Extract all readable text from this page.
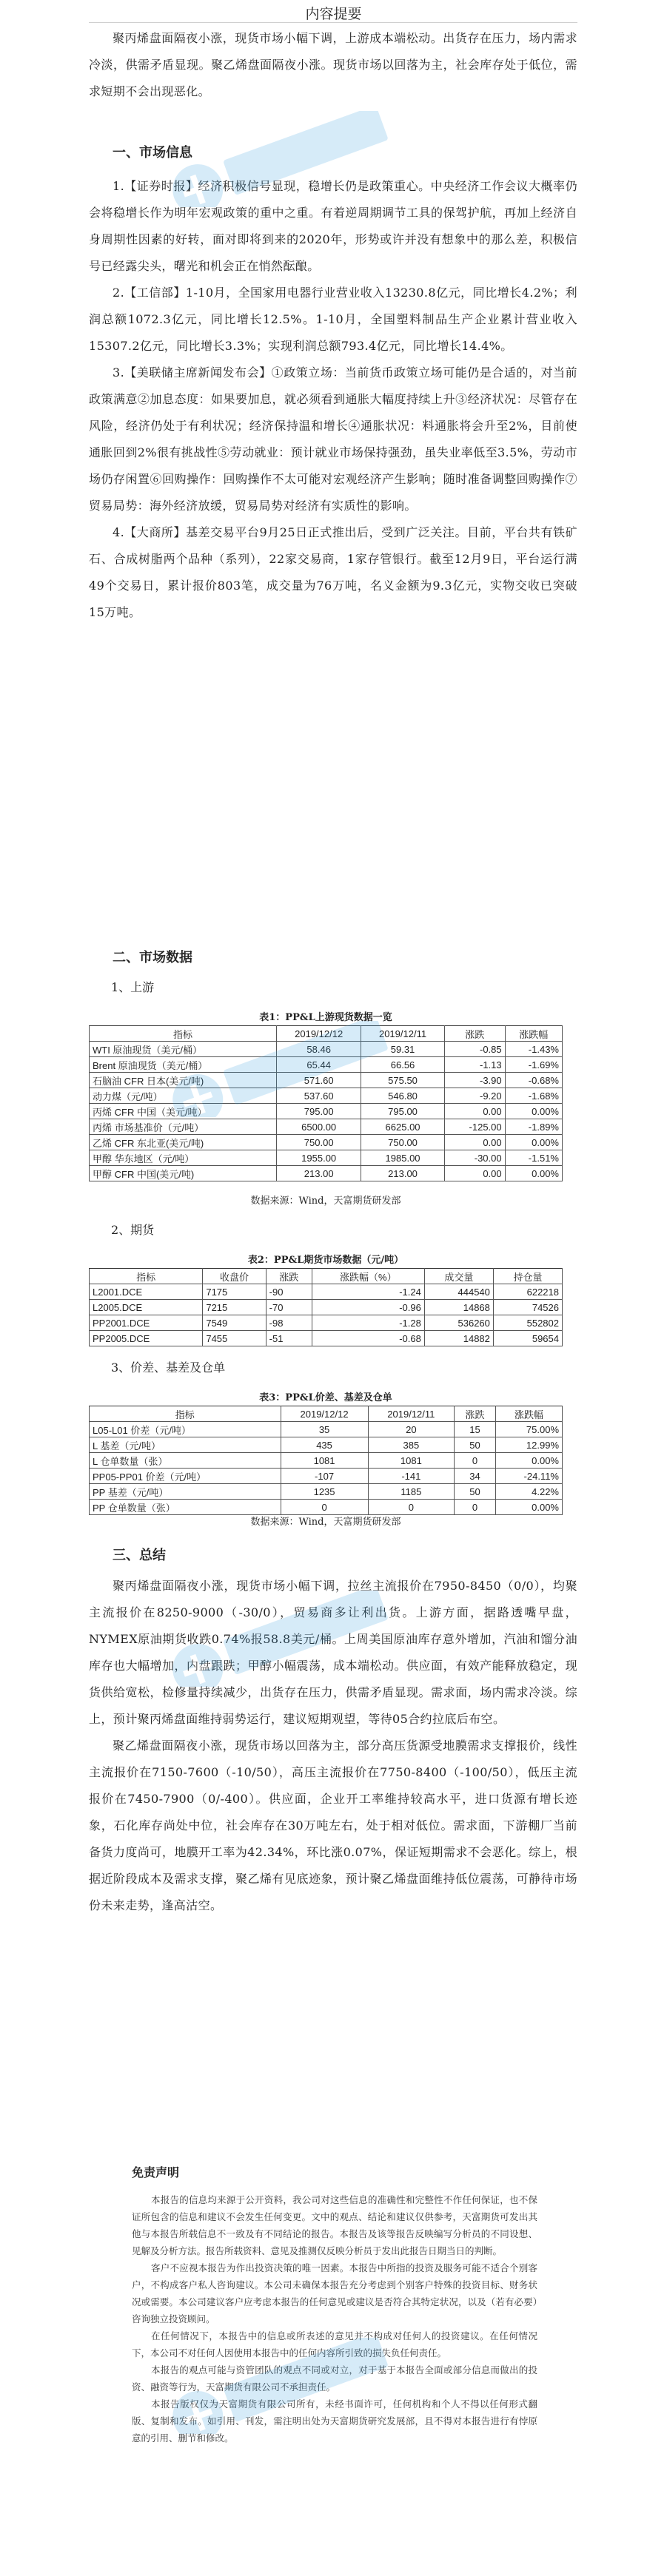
内容提要

聚丙烯盘面隔夜小涨，现货市场小幅下调，上游成本端松动。出货存在压力，场内需求冷淡，供需矛盾显现。聚乙烯盘面隔夜小涨。现货市场以回落为主，社会库存处于低位，需求短期不会出现恶化。

一、市场信息

1.【证券时报】经济积极信号显现，稳增长仍是政策重心。中央经济工作会议大概率仍会将稳增长作为明年宏观政策的重中之重。有着逆周期调节工具的保驾护航，再加上经济自身周期性因素的好转，面对即将到来的2020年，形势或许并没有想象中的那么差，积极信号已经露尖头，曙光和机会正在悄然酝酿。

2.【工信部】1-10月，全国家用电器行业营业收入13230.8亿元，同比增长4.2%；利润总额1072.3亿元，同比增长12.5%。1-10月，全国塑料制品生产企业累计营业收入15307.2亿元，同比增长3.3%；实现利润总额793.4亿元，同比增长14.4%。

3.【美联储主席新闻发布会】①政策立场：当前货币政策立场可能仍是合适的，对当前政策满意②加息态度：如果要加息，就必须看到通胀大幅度持续上升③经济状况：尽管存在风险，经济仍处于有利状况；经济保持温和增长④通胀状况：料通胀将会升至2%，目前使通胀回到2%很有挑战性⑤劳动就业：预计就业市场保持强劲，虽失业率低至3.5%，劳动市场仍存闲置⑥回购操作：回购操作不太可能对宏观经济产生影响；随时准备调整回购操作⑦贸易局势：海外经济放缓，贸易局势对经济有实质性的影响。

4.【大商所】基差交易平台9月25日正式推出后，受到广泛关注。目前，平台共有铁矿石、合成树脂两个品种（系列），22家交易商，1家存管银行。截至12月9日，平台运行满49个交易日，累计报价803笔，成交量为76万吨，名义金额为9.3亿元，实物交收已突破15万吨。

二、市场数据
1、上游
表1：PP&L上游现货数据一览
指标	2019/12/12	2019/12/11	涨跌	涨跌幅
WTI 原油现货（美元/桶）	58.46	59.31	-0.85	-1.43%
Brent 原油现货（美元/桶）	65.44	66.56	-1.13	-1.69%
石脑油 CFR 日本(美元/吨)	571.60	575.50	-3.90	-0.68%
动力煤（元/吨）	537.60	546.80	-9.20	-1.68%
丙烯 CFR 中国（美元/吨）	795.00	795.00	0.00	0.00%
丙烯 市场基准价（元/吨）	6500.00	6625.00	-125.00	-1.89%
乙烯 CFR 东北亚(美元/吨)	750.00	750.00	0.00	0.00%
甲醇 华东地区（元/吨）	1955.00	1985.00	-30.00	-1.51%
甲醇 CFR 中国(美元/吨)	213.00	213.00	0.00	0.00%
数据来源：Wind，天富期货研发部
2、期货
表2：PP&L期货市场数据（元/吨）
指标	收盘价	涨跌	涨跌幅（%）	成交量	持仓量
L2001.DCE	7175	-90	-1.24	444540	622218
L2005.DCE	7215	-70	-0.96	14868	74526
PP2001.DCE	7549	-98	-1.28	536260	552802
PP2005.DCE	7455	-51	-0.68	14882	59654
3、价差、基差及仓单
表3：PP&L价差、基差及仓单
指标	2019/12/12	2019/12/11	涨跌	涨跌幅
L05-L01 价差（元/吨）	35	20	15	75.00%
L 基差（元/吨）	435	385	50	12.99%
L 仓单数量（张）	1081	1081	0	0.00%
PP05-PP01 价差（元/吨）	-107	-141	34	-24.11%
PP 基差（元/吨）	1235	1185	50	4.22%
PP 仓单数量（张）	0	0	0	0.00%
数据来源：Wind，天富期货研发部
三、总结

聚丙烯盘面隔夜小涨，现货市场小幅下调，拉丝主流报价在7950-8450（0/0），均聚主流报价在8250-9000（-30/0），贸易商多让利出货。上游方面，据路透嘴早盘，NYMEX原油期货收跌0.74%报58.8美元/桶。上周美国原油库存意外增加，汽油和馏分油库存也大幅增加，内盘跟跌；甲醇小幅震荡，成本端松动。供应面，有效产能释放稳定，现货供给宽松，检修量持续减少，出货存在压力，供需矛盾显现。需求面，场内需求冷淡。综上，预计聚丙烯盘面维持弱势运行，建议短期观望，等待05合约拉底后布空。

聚乙烯盘面隔夜小涨，现货市场以回落为主，部分高压货源受地膜需求支撑报价，线性主流报价在7150-7600（-10/50），高压主流报价在7750-8400（-100/50），低压主流报价在7450-7900（0/-400）。供应面，企业开工率维持较高水平，进口货源有增长迹象，石化库存尚处中位，社会库存在30万吨左右，处于相对低位。需求面，下游棚厂当前备货力度尚可，地膜开工率为42.34%，环比涨0.07%，保证短期需求不会恶化。综上，根据近阶段成本及需求支撑，聚乙烯有见底迹象，预计聚乙烯盘面维持低位震荡，可静待市场份未来走势，逢高沽空。

免责声明

本报告的信息均来源于公开资料，我公司对这些信息的准确性和完整性不作任何保证，也不保证所包含的信息和建议不会发生任何变更。文中的观点、结论和建议仅供参考，天富期货可发出其他与本报告所载信息不一致及有不同结论的报告。本报告及该等报告反映编写分析员的不同设想、见解及分析方法。报告所载资料、意见及推测仅反映分析员于发出此报告日期当日的判断。

客户不应视本报告为作出投资决策的唯一因素。本报告中所指的投资及服务可能不适合个别客户，不构成客户私人咨询建议。本公司未确保本报告充分考虑到个别客户特殊的投资目标、财务状况或需要。本公司建议客户应考虑本报告的任何意见或建议是否符合其特定状况，以及（若有必要）咨询独立投资顾问。

在任何情况下，本报告中的信息或所表述的意见并不构成对任何人的投资建议。在任何情况下，本公司不对任何人因使用本报告中的任何内容所引致的损失负任何责任。

本报告的观点可能与资管团队的观点不同或对立，对于基于本报告全面或部分信息而做出的投资、融资等行为，天富期货有限公司不承担责任。

本报告版权仅为天富期货有限公司所有，未经书面许可，任何机构和个人不得以任何形式翻版、复制和发布。如引用、刊发，需注明出处为天富期货研究发展部，且不得对本报告进行有悖原意的引用、删节和修改。
